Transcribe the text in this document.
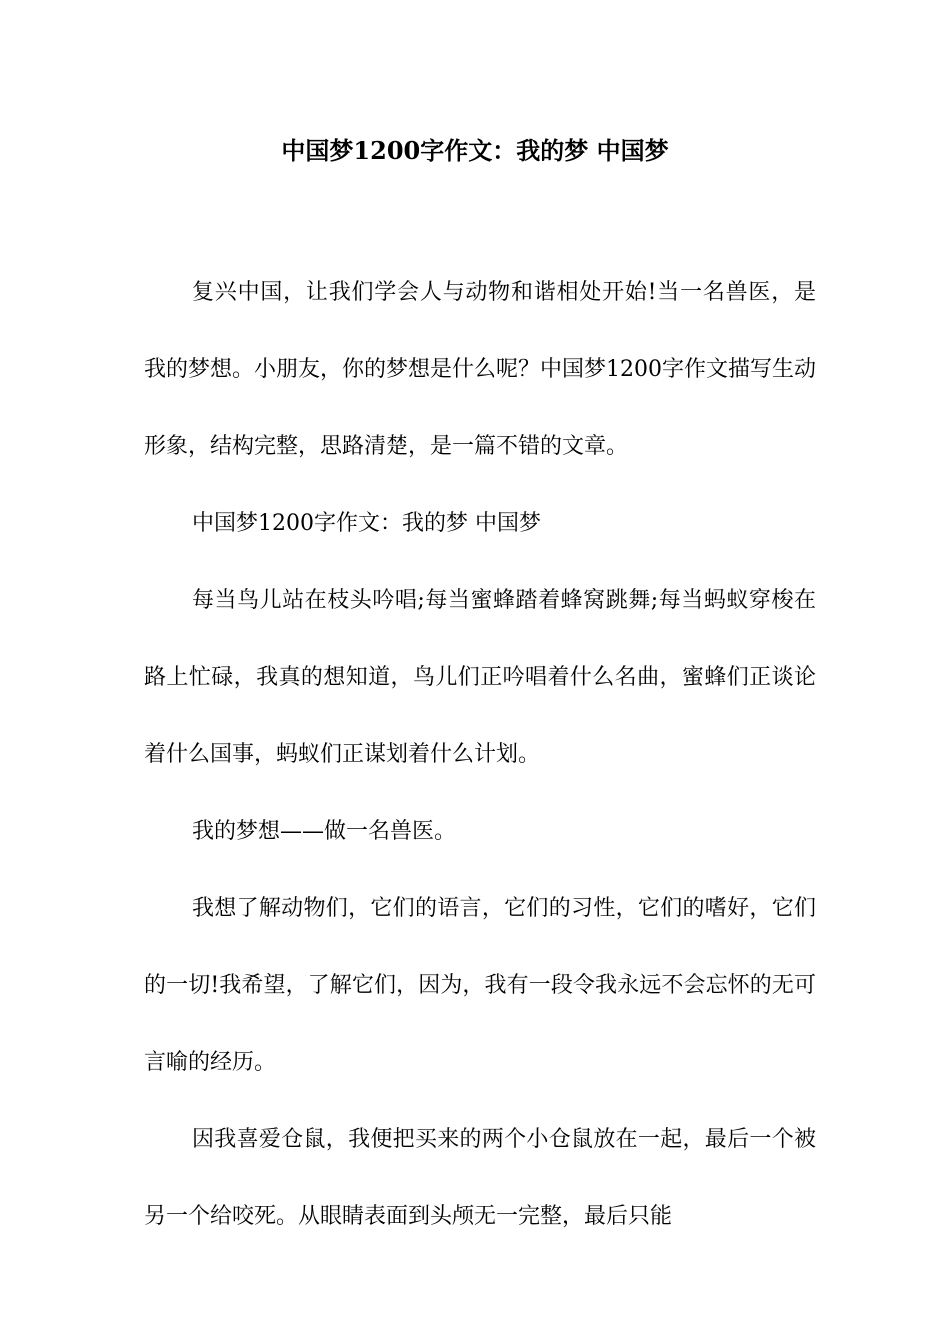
中国梦1200字作文：我的梦 中国梦

复兴中国，让我们学会人与动物和谐相处开始!当一名兽医，是我的梦想。小朋友，你的梦想是什么呢？中国梦1200字作文描写生动形象，结构完整，思路清楚，是一篇不错的文章。

中国梦1200字作文：我的梦 中国梦

每当鸟儿站在枝头吟唱;每当蜜蜂踏着蜂窝跳舞;每当蚂蚁穿梭在路上忙碌，我真的想知道，鸟儿们正吟唱着什么名曲，蜜蜂们正谈论着什么国事，蚂蚁们正谋划着什么计划。

我的梦想——做一名兽医。

我想了解动物们，它们的语言，它们的习性，它们的嗜好，它们的一切!我希望，了解它们，因为，我有一段令我永远不会忘怀的无可言喻的经历。

因我喜爱仓鼠，我便把买来的两个小仓鼠放在一起，最后一个被另一个给咬死。从眼睛表面到头颅无一完整，最后只能
